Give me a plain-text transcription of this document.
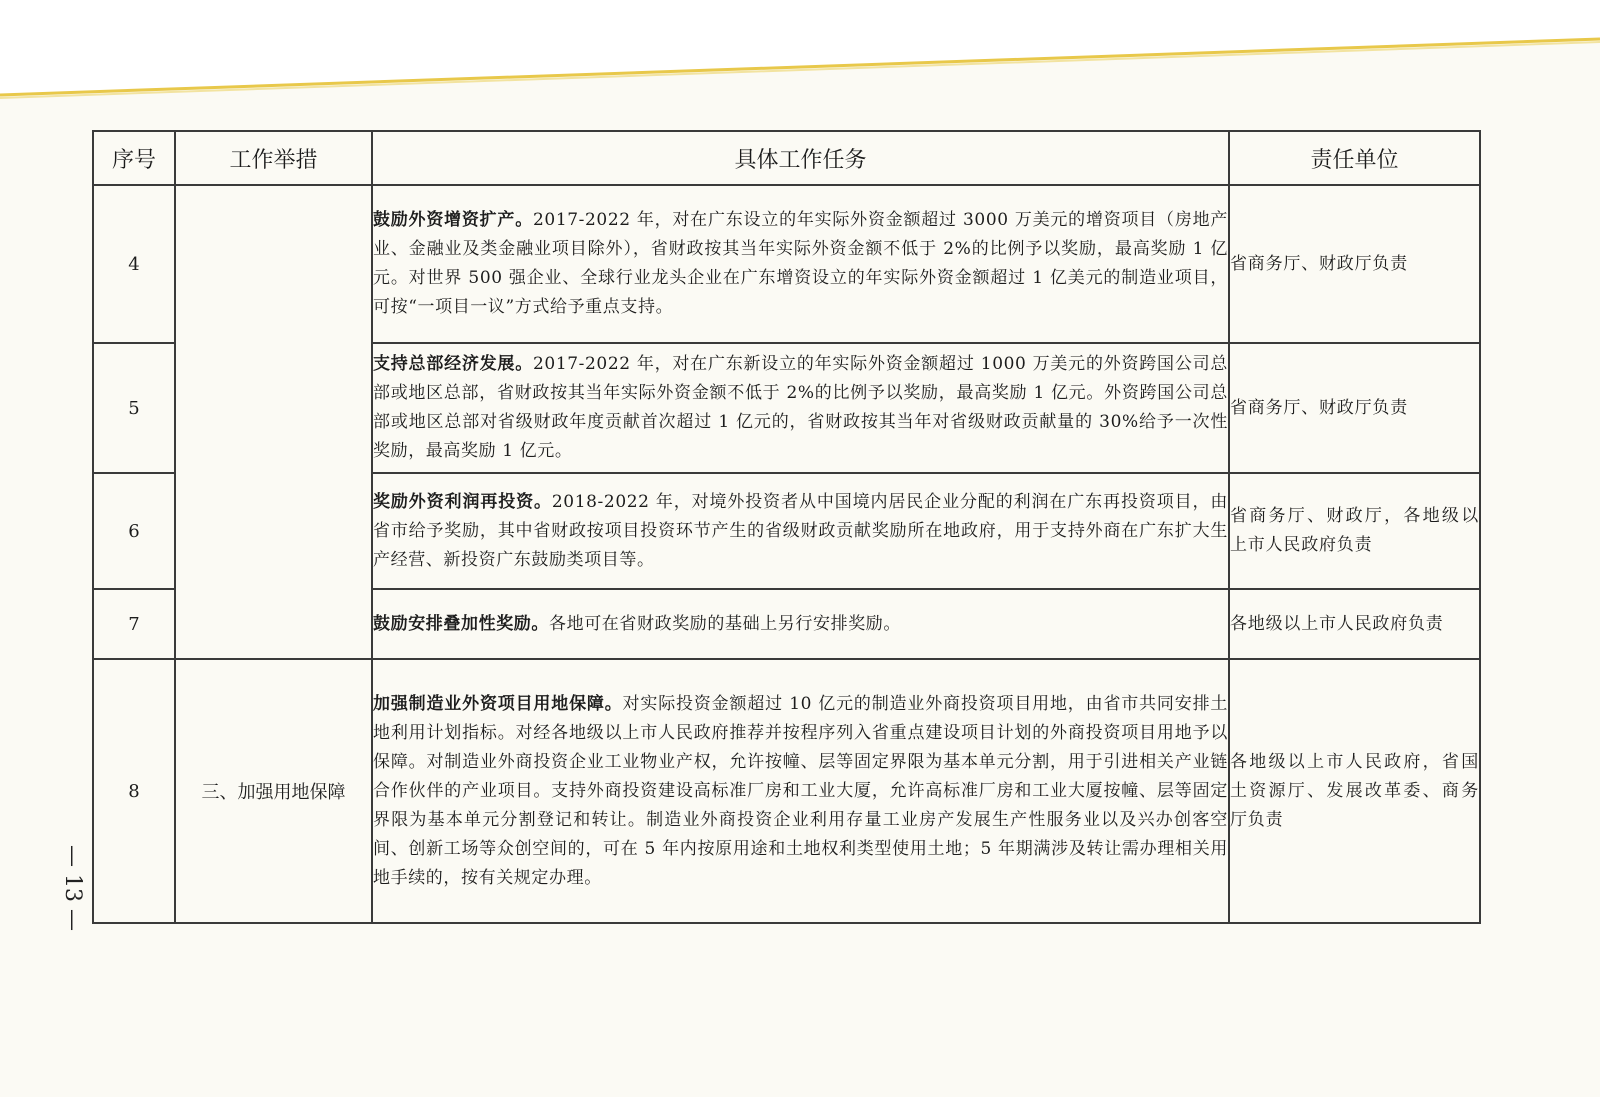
— 13 —
序号	工作举措	具体工作任务	责任单位
4		鼓励外资增资扩产。2017-2022 年，对在广东设立的年实际外资金额超过 3000 万美元的增资项目（房地产业、金融业及类金融业项目除外），省财政按其当年实际外资金额不低于 2%的比例予以奖励，最高奖励 1 亿元。对世界 500 强企业、全球行业龙头企业在广东增资设立的年实际外资金额超过 1 亿美元的制造业项目，可按“一项目一议”方式给予重点支持。	省商务厅、财政厅负责
5		支持总部经济发展。2017-2022 年，对在广东新设立的年实际外资金额超过 1000 万美元的外资跨国公司总部或地区总部，省财政按其当年实际外资金额不低于 2%的比例予以奖励，最高奖励 1 亿元。外资跨国公司总部或地区总部对省级财政年度贡献首次超过 1 亿元的，省财政按其当年对省级财政贡献量的 30%给予一次性奖励，最高奖励 1 亿元。	省商务厅、财政厅负责
6		奖励外资利润再投资。2018-2022 年，对境外投资者从中国境内居民企业分配的利润在广东再投资项目，由省市给予奖励，其中省财政按项目投资环节产生的省级财政贡献奖励所在地政府，用于支持外商在广东扩大生产经营、新投资广东鼓励类项目等。	省商务厅、财政厅，各地级以上市人民政府负责
7		鼓励安排叠加性奖励。各地可在省财政奖励的基础上另行安排奖励。	各地级以上市人民政府负责
8	三、加强用地保障	加强制造业外资项目用地保障。对实际投资金额超过 10 亿元的制造业外商投资项目用地，由省市共同安排土地利用计划指标。对经各地级以上市人民政府推荐并按程序列入省重点建设项目计划的外商投资项目用地予以保障。对制造业外商投资企业工业物业产权，允许按幢、层等固定界限为基本单元分割，用于引进相关产业链合作伙伴的产业项目。支持外商投资建设高标准厂房和工业大厦，允许高标准厂房和工业大厦按幢、层等固定界限为基本单元分割登记和转让。制造业外商投资企业利用存量工业房产发展生产性服务业以及兴办创客空间、创新工场等众创空间的，可在 5 年内按原用途和土地权利类型使用土地；5 年期满涉及转让需办理相关用地手续的，按有关规定办理。	各地级以上市人民政府，省国土资源厅、发展改革委、商务厅负责
